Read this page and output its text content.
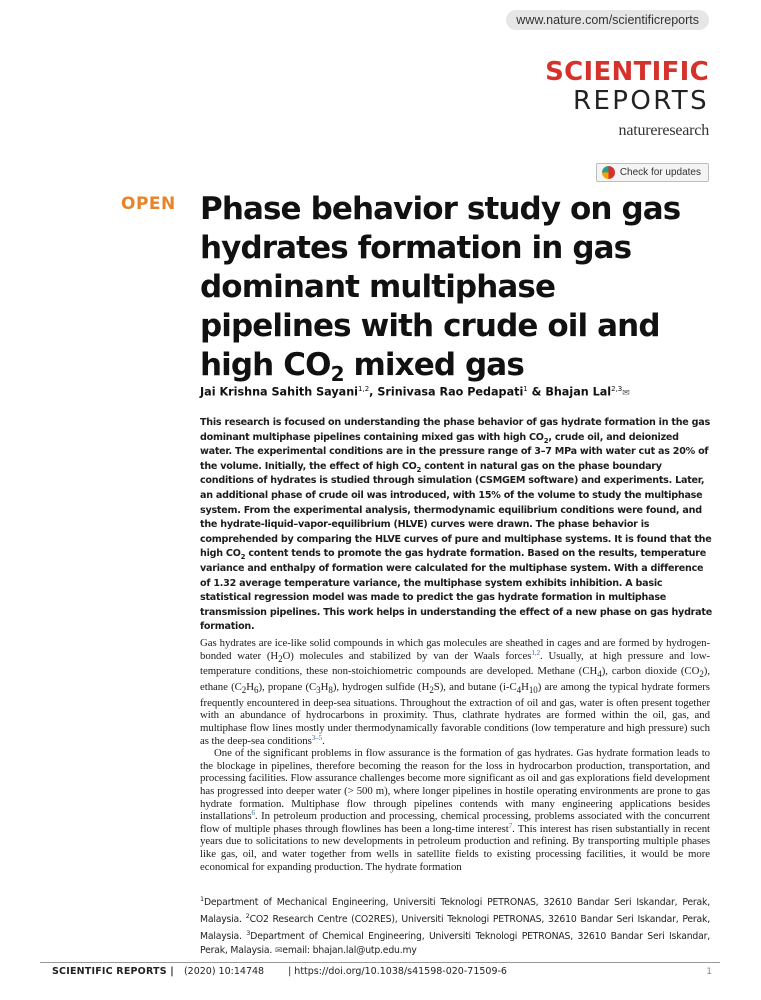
www.nature.com/scientificreports
SCIENTIFIC
REPORTS
natureresearch
Check for updates
OPEN Phase behavior study on gas hydrates formation in gas dominant multiphase pipelines with crude oil and high $CO_2$ mixed gas
Jai Krishna Sahith Sayani$^{1,2}$, Srinivasa Rao Pedapati$^1$ & Bhajan Lal$^{2,3}$✉
This research is focused on understanding the phase behavior of gas hydrate formation in the gas dominant multiphase pipelines containing mixed gas with high $CO_2$, crude oil, and deionized water. The experimental conditions are in the pressure range of 3–7 MPa with water cut as 20% of the volume. Initially, the effect of high $CO_2$ content in natural gas on the phase boundary conditions of hydrates is studied through simulation (CSMGEM software) and experiments. Later, an additional phase of crude oil was introduced, with 15% of the volume to study the multiphase system. From the experimental analysis, thermodynamic equilibrium conditions were found, and the hydrate-liquid–vapor-equilibrium (HLVE) curves were drawn. The phase behavior is comprehended by comparing the HLVE curves of pure and multiphase systems. It is found that the high $CO_2$ content tends to promote the gas hydrate formation. Based on the results, temperature variance and enthalpy of formation were calculated for the multiphase system. With a difference of 1.32 average temperature variance, the multiphase system exhibits inhibition. A basic statistical regression model was made to predict the gas hydrate formation in multiphase transmission pipelines. This work helps in understanding the effect of a new phase on gas hydrate formation.

Gas hydrates are ice-like solid compounds in which gas molecules are sheathed in cages and are formed by hydrogen-bonded water $(H_2O)$ molecules and stabilized by van der Waals forces$^{1,2}$. Usually, at high pressure and low-temperature conditions, these non-stoichiometric compounds are developed. Methane $(CH_4)$, carbon dioxide $(CO_2)$, ethane $(C_2H_6)$, propane $(C_3H_8)$, hydrogen sulfide $(H_2S)$, and butane $(i-C_4H_{10})$ are among the typical hydrate formers frequently encountered in deep-sea situations. Throughout the extraction of oil and gas, water is often present together with an abundance of hydrocarbons in proximity. Thus, clathrate hydrates are formed within the oil, gas, and multiphase flow lines mostly under thermodynamically favorable conditions (low temperature and high pressure) such as the deep-sea conditions$^{3-5}$.

One of the significant problems in flow assurance is the formation of gas hydrates. Gas hydrate formation leads to the blockage in pipelines, therefore becoming the reason for the loss in hydrocarbon production, transportation, and processing facilities. Flow assurance challenges become more significant as oil and gas explorations field development has progressed into deeper water (> 500 m), where longer pipelines in hostile operating environments are prone to gas hydrate formation. Multiphase flow through pipelines contends with many engineering applications besides installations$^6$. In petroleum production and processing, chemical processing, problems associated with the concurrent flow of multiple phases through flowlines has been a long-time interest$^7$. This interest has risen substantially in recent years due to solicitations to new developments in petroleum production and refining. By transporting multiple phases like gas, oil, and water together from wells in satellite fields to existing processing facilities, it would be more economical for expanding production. The hydrate formation

$^1$Department of Mechanical Engineering, Universiti Teknologi PETRONAS, 32610 Bandar Seri Iskandar, Perak, Malaysia. $^2$CO2 Research Centre (CO2RES), Universiti Teknologi PETRONAS, 32610 Bandar Seri Iskandar, Perak, Malaysia. $^3$Department of Chemical Engineering, Universiti Teknologi PETRONAS, 32610 Bandar Seri Iskandar, Perak, Malaysia. ✉email: bhajan.lal@utp.edu.my
SCIENTIFIC REPORTS | (2020) 10:14748	| https://doi.org/10.1038/s41598-020-71509-6	1
